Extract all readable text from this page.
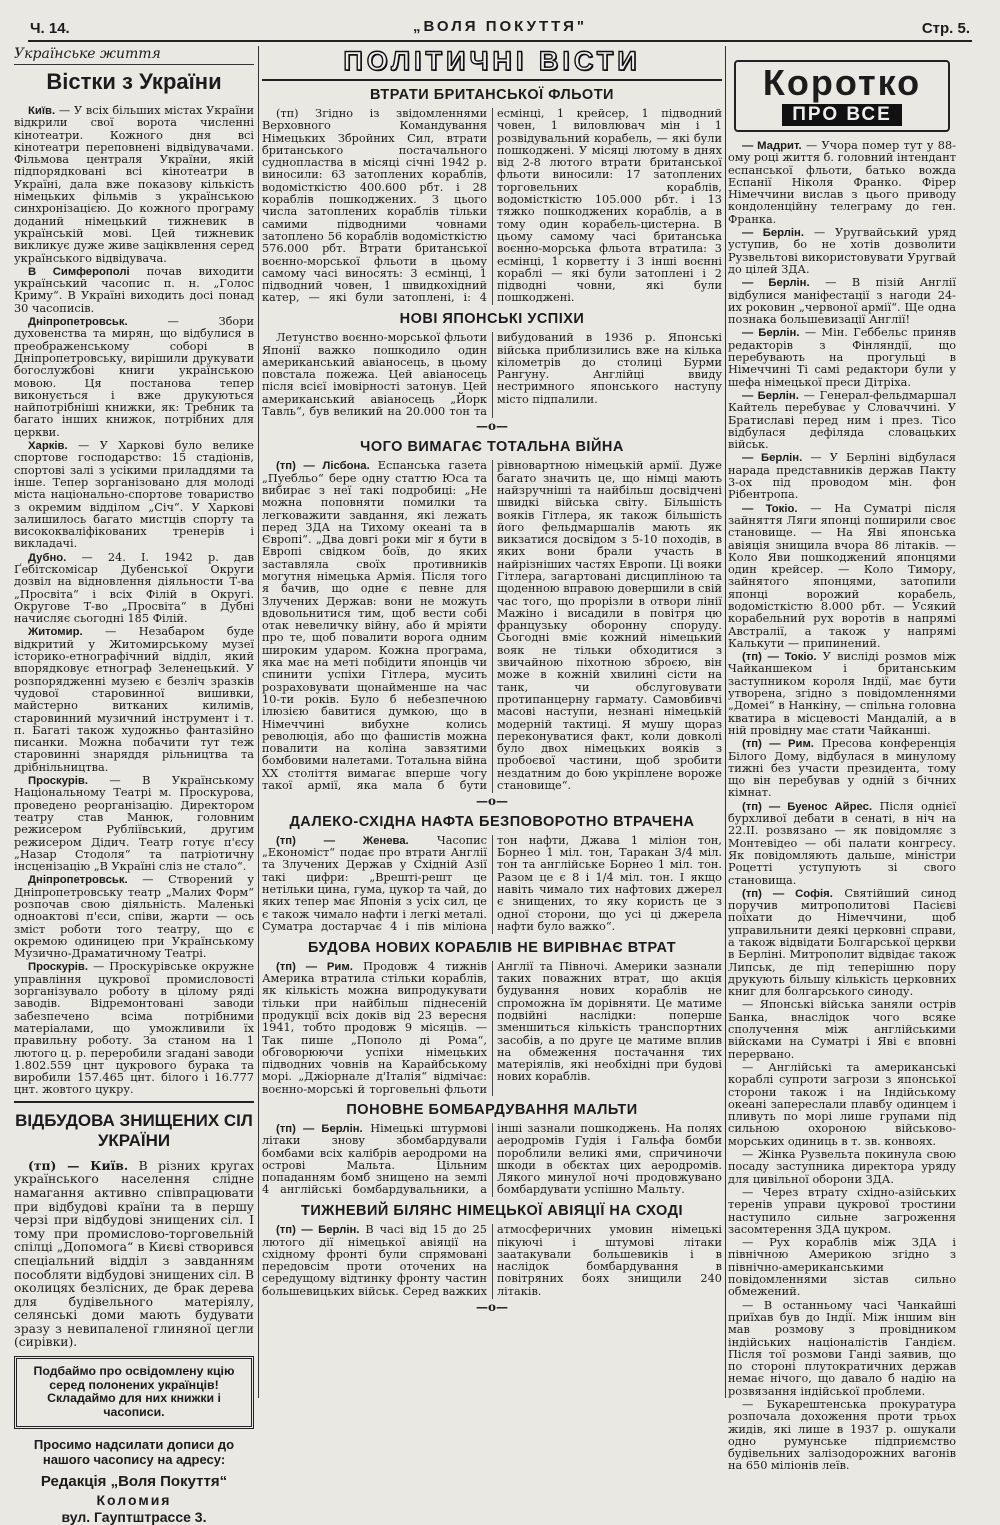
Ч. 14.	„ВОЛЯ ПОКУТТЯ"	Стр. 5.
Українське життя
Вістки з України

Київ. — У всіх більших містах України відкрили свої ворота численні кінотеатри. Кожного дня всі кінотеатри переповнені відвідувачами. Фільмова централя України, якій підпорядковані всі кінотеатри в Україні, дала вже показову кількість німецьких фільмів з українською синхронізацією. До кожного програму доданий німецький тижневик в українській мові. Цей тижневик викликує дуже живе заціквлення серед українського відвідувача.

В Симферополі почав виходити український часопис п. н. „Голос Криму“. В Україні виходить досі понад 30 часописів.

Дніпропетровськ. — Збори духовенства та мирян, що відбулися в преображенському соборі в Дніпропетровську, вирішили друкувати богослужбові книги українською мовою. Ця постанова тепер виконується і вже друкуються найпотрібніші книжки, як: Требник та багато інших книжок, потрібних для церкви.

Харків. — У Харкові було велике спортове господарство: 15 стадіонів, спортові залі з усікими приладдями та інше. Тепер зорганізовано для молоді міста національно-спортове товариство з окремим відділом „Січ“. У Харкові залишилось багато мистців спорту та висококваліфікованих тренерів і викладачі.

Дубно. — 24. I. 1942 р. дав Ґебітскомісар Дубенської Округи дозвіл на відновлення діяльности Т-ва „Просвіта“ і всіх Філій в Округі. Округове Т-во „Просвіта“ в Дубні начисляє сьогодні 185 Філій.

Житомир. — Незабаром буде відкритий у Житомирському музеї історико-етнографічний відділ, який впорядковує етнограф Зеленецький. У розпорядженні музею є безліч зразків чудової старовинної вишивки, майстерно витканих килимів, старовинний музичний інструмент і т. п. Багаті також художньо фантазійно писанки. Можна побачити тут теж старовинні знаряддя рільництва та дрібнільництва.

Проскурів. — В Українському Національному Театрі м. Проскурова, проведено реорганізацію. Директором театру став Манюк, головним режисером Рубліївський, другим режисером Дідич. Театр готує п'єсу „Назар Стодоля“ та патріотичну інсценізацію „В Україні сліз не стало“.

Дніпропетровськ. — Створений у Дніпропетровську театр „Малих Форм“ розпочав свою діяльність. Маленькі одноактові п'єси, співи, жарти — ось зміст роботи того театру, що є окремою одиницею при Українському Музично-Драматичному Театрі.

Проскурів. — Проскурівське окружне управління цукрової промисловості зорганізувало роботу в цілому ряді заводів. Відремонтовані заводи забезпечено всіма потрібними матеріалами, що уможливили їх правильну роботу. За станом на 1 лютого ц. р. переробили згадані заводи 1.802.559 цнт цукрового бурака та виробили 157.465 цнт. білого і 16.777 цнт. жовтого цукру.

ВІДБУДОВА ЗНИЩЕНИХ СІЛ УКРАЇНИ

(тп) — Київ. В різних кругах українського населення слідне намагання активно співпрацювати при відбудові країни та в першу черзі при відбудові знищених сіл. І тому при промислово-торговельній спілці „Допомога“ в Києві створився спеціальний відділ з завданням пособляти відбудові знищених сіл. В околицях безлісних, де брак дерева для будівельного матеріялу, селянські доми мають будувати зразу з невипаленої глиняної цегли (сирівки).

Подбаймо про освідомлену кцію серед полонених українців! Складаймо для них книжки і часописи.

Просимо надсилати дописи до нашого часопису на адресу:

Редакція „Воля Покуття“

Коломия

вул. Гауптштрассе 3.

ПОЛІТИЧНІ ВІСТИ
ВТРАТИ БРИТАНСЬКОЇ ФЛЬОТИ

(тп) Згідно із звідомленнями Верховного Командування Німецьких Збройних Сил, втрати британського постачального суднопластва в місяці січні 1942 р. виносили: 63 затоплених кораблів, водомісткістю 400.600 рбт. і 28 кораблів пошкоджених. З цього числа затоплених кораблів тільки самими підводними човнами затоплено 56 кораблів водомісткістю 576.000 рбт. Втрати британської воєнно-морської фльоти в цьому самому часі виносять: 3 есмінці, 1 підводний човен, 1 швидкохідний катер, — які були затоплені, і: 4 есмінці, 1 крейсер, 1 підводний човен, 1 виловлювач мін і 1 розвідувальний корабель, — які були пошкоджені. У місяці лютому в днях від 2-8 лютого втрати британської фльоти виносили: 17 затоплених торговельних кораблів, водомісткістю 105.000 рбт. і 13 тяжко пошкоджених кораблів, а в тому один корабель-цистерна. В цьому самому часі британська воєнно-морська фльота втратила: 3 есмінці, 1 корветту і 3 інші воєнні кораблі — які були затоплені і 2 підводні човни, які були пошкоджені.

НОВІ ЯПОНСЬКІ УСПІХИ

Летунство воєнно-морської фльоти Японії важко пошкодило один американський авіаносець, в цьому повстала пожежа. Цей авіаносець після всієї імовірності затонув. Цей американський авіаносець „Йорк Тавль“, був великий на 20.000 тон та вибудований в 1936 р. Японські війська приблизились вже на кілька кілометрів до столиці Бурми Рангуну. Англійці ввиду нестримного японського наступу місто підпалили.

—о—
ЧОГО ВИМАГАЄ ТОТАЛЬНА ВІЙНА

(тп) — Лісбона. Еспанська газета „Пуебльо“ бере одну статтю Юса та вибирає з неї такі подробиці: „Не можна поповняти помилки та легковажити завдання, які лежать перед ЗДА на Тихому океані та в Європі“. „Два довгі роки міг я бути в Европі свідком боїв, до яких заставляла своїх противників могутня німецька Армія. Після того я бачив, що одне є певне для Злучених Держав: вони не можуть вдовольнитися тим, щоб вести собі отак невеличку війну, або й мріяти про те, щоб повалити ворога одним широким ударом. Кожна програма, яка має на меті побідити японців чи спинити успіхи Гітлера, мусить розраховувати щонайменше на час 10-ти років. Було б небезпечною ілюзією бавитися думкою, що в Німеччині вибухне колись революція, або що фашистів можна повалити на коліна завзятими бомбовими налетами. Тотальна війна XX століття вимагає вперше чогу такої армії, яка мала б бути рівновартною німецькій армії. Дуже багато значить це, що німці мають найзручніші та найбільш досвідчені швидкі війська світу. Більшість вояків Гітлера, як також більшість його фельдмаршалів мають як викзатися досвідом з 5-10 походів, в яких вони брали участь в найрізніших частях Европи. Ці вояки Гітлера, загартовані дисципліною та щоденною вправою довершили в свій час того, що прорізли в отвори лінії Мажіно і висадили в повітря цю французьку оборонну споруду. Сьогодні вміє кожний німецький вояк не тільки обходитися з звичайною піхотною зброєю, він може в кожній хвилині сісти на танк, чи обслуговувати протипанцерну гармату. Самовбивчі масові наступи, незнані німецькій модерній тактиці. Я мушу щораз переконуватися факт, коли довколі було двох німецьких вояків з пробоєвої частини, щоб зробити нездатним до бою укріплене вороже становище“.

—о—
ДАЛЕКО-СХІДНА НАФТА БЕЗПОВОРОТНО ВТРАЧЕНА

(тп) — Женева. Часопис „Економіст“ подає про втрати Англії та Злучених Держав у Східній Азії такі цифри: „Врешті-решт це нетільки цина, гума, цукор та чай, до яких тепер має Японія з усіх сил, це є також чимало нафти і легкі металі. Суматра достарчає 4 і пів міліона тон нафти, Джава 1 міліон тон, Борнео 1 міл. тон, Таракан 3/4 міл. тон та англійське Борнео 1 міл. тон. Разом це є 8 і 1/4 міл. тон. І якщо навіть чимало тих нафтових джерел є знищених, то яку користь це з одної сторони, що усі ці джерела нафти було важко“.

БУДОВА НОВИХ КОРАБЛІВ НЕ ВИРІВНАЄ ВТРАТ

(тп) — Рим. Продовж 4 тижнів Америка втратила стільки кораблів, як кількість можна випродукувати тільки при найбільш піднесеній продукції всіх доків від 23 вересня 1941, тобто продовж 9 місяців. — Так пише „Пополо ді Рома“, обговорюючи успіхи німецьких підводних човнів на Карайбському морі. „Джіорнале д'Італія“ відмічає: воєнно-морські й торговельні фльоти Англії та Півночі. Америки зазнали таких поважних втрат, що акція будування нових кораблів не спроможна їм дорівняти. Це матиме подвійні наслідки: поперше зменшиться кількість транспортних засобів, а по друге це матиме вплив на обмеження постачання тих матеріялів, які необхідні при будові нових кораблів.

ПОНОВНЕ БОМБАРДУВАННЯ МАЛЬТИ

(тп) — Берлін. Німецькі штурмові літаки знову збомбардували бомбами всіх калібрів аеродроми на острові Мальта. Цільним попаданням бомб знищено на землі 4 англійські бомбардувальники, а інші зазнали пошкоджень. На полях аеродромів Гудія і Гальфа бомби пороблили великі ями, спричиночи шкоди в обєктах цих аеродромів. Лякого минулої ночі продовжувано бомбардувати успішно Мальту.

ТИЖНЕВИЙ БІЛЯНС НІМЕЦЬКОЇ АВІЯЦІЇ НА СХОДІ

(тп) — Берлін. В часі від 15 до 25 лютого дії німецької авіяції на східному фронті були спрямовані передовсім проти оточених на середущому відтинку фронту частин большевицьких військ. Серед важких атмосферичних умовин німецькі пікуючі і штумові літаки заатакували большевиків і в наслідок бомбардування в повітряних боях знищили 240 літаків.

—о—
Коротко
ПРО ВСЕ

— Мадрит. — Учора помер тут у 88-ому році життя б. головний інтендант еспанської фльоти, батько вожда Еспанії Ніколя Франко. Фірер Німеччини вислав з цього приводу кондоленційну телеграму до ген. Франка.

— Берлін. — Уругвайський уряд уступив, бо не хотів дозволити Рузвельтові використовувати Уругвай до цілей ЗДА.

— Берлін. — В пізій Англії відбулися маніфестації з нагоди 24-их роковин „червоної армії“. Ще одна познака большевизації Англії!

— Берлін. — Мін. Геббельс приняв редакторів з Фінляндії, що перебувають на прогульці в Німеччині Ті самі редактори були у шефа німецької преси Дітріха.

— Берлін. — Генерал-фельдмаршал Кайтель перебуває у Словаччині. У Братиславі перед ним і през. Тісо відбулася дефіляда словацьких військ.

— Берлін. — У Берліні відбулася нарада представників держав Пакту 3-ох під проводом мін. фон Рібентропа.

— Токіо. — На Суматрі після зайняття Ляги японці поширили своє становище. — На Яві японська авіяція знищила вчора 86 літаків. — Коло Яви пошкоджений японцями один крейсер. — Коло Тимору, зайнятого японцями, затопили японці ворожий корабель, водомісткістю 8.000 рбт. — Усякий корабельний рух воротів в напрямі Австралії, а також у напрямі Калькути — припинений.

(тп) — Токіо. У висліді розмов між Чайканшеком і британським заступником короля Індії, має бути утворена, згідно з повідомленнями „Домеі“ в Нанкіну, — спільна головна кватира в місцевості Мандалій, а в ній провідну має стати Чайканші.

(тп) — Рим. Пресова конференція Білого Дому, відбулася в минулому тижні без участи президента, тому що він перебував у одній з бічних кімнат.

(тп) — Буенос Айрес. Після однієї бурхливої дебати в сенаті, в ніч на 22.II. розвязано — як повідомляє з Монтевідео — обі палати конгресу. Як повідомляють дальше, міністри Роцетті уступують зі свого становища.

(тп) — Софія. Святійший синод поручив митрополитові Пасієві поїхати до Німеччини, щоб управильнити деякі церковні справи, а також відвідати Болгарської церкви в Берліні. Митрополит відвідає також Липськ, де під теперішню пору друкують більшу кількість церковних книг для болгарського синоду.

— Японські війська заняли острів Банка, внаслідок чого всяке сполучення між англійськими війсками на Суматрі і Яві є вповні перервано.

— Англійські та американські кораблі супроти загрози з японської сторони також і на Індійському океані запереслали плавбу одинцем і пливуть по морі лише групами під сильною охороною військово-морських одиниць в т. зв. конвоях.

— Жінка Рузвельта покинула свою посаду заступника директора уряду для цивільної оборони ЗДА.

— Через втрату східно-азійських теренів управи цукрової тростини наступило сильне загроження засомтерення ЗДА цукром.

— Рух кораблів між ЗДА і північною Америкою згідно з північно-американськими повідомленнями зістав сильно обмежений.

— В останньому часі Чанкайші приїхав був до Індії. Між іншим він мав розмову з провідником індійських націоналістів Гандієм. Після тої розмови Ганді заявив, що по стороні плутократичних держав немає нічого, що давало б надію на розвязання індійської проблеми.

— Букарештенська прокуратура розпочала дохоження проти трьох жидів, які лише в 1937 р. ошукали одно румунське підприємство будівельних залізодорожних вагонів на 650 міліонів леїв.
